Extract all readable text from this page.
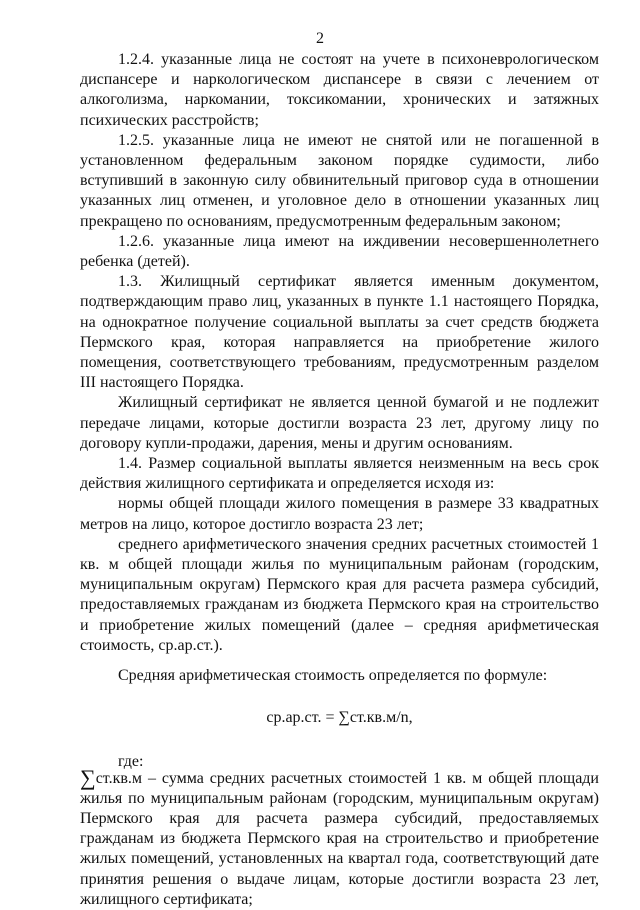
2

1.2.4. указанные лица не состоят на учете в психоневрологическом диспансере и наркологическом диспансере в связи с лечением от алкоголизма, наркомании, токсикомании, хронических и затяжных психических расстройств;

1.2.5. указанные лица не имеют не снятой или не погашенной в установленном федеральным законом порядке судимости, либо вступивший в законную силу обвинительный приговор суда в отношении указанных лиц отменен, и уголовное дело в отношении указанных лиц прекращено по основаниям, предусмотренным федеральным законом;

1.2.6. указанные лица имеют на иждивении несовершеннолетнего ребенка (детей).

1.3. Жилищный сертификат является именным документом, подтверждающим право лиц, указанных в пункте 1.1 настоящего Порядка, на однократное получение социальной выплаты за счет средств бюджета Пермского края, которая направляется на приобретение жилого помещения, соответствующего требованиям, предусмотренным разделом III настоящего Порядка.

Жилищный сертификат не является ценной бумагой и не подлежит передаче лицами, которые достигли возраста 23 лет, другому лицу по договору купли-продажи, дарения, мены и другим основаниям.

1.4. Размер социальной выплаты является неизменным на весь срок действия жилищного сертификата и определяется исходя из:

нормы общей площади жилого помещения в размере 33 квадратных метров на лицо, которое достигло возраста 23 лет;

среднего арифметического значения средних расчетных стоимостей 1 кв. м общей площади жилья по муниципальным районам (городским, муниципальным округам) Пермского края для расчета размера субсидий, предоставляемых гражданам из бюджета Пермского края на строительство и приобретение жилых помещений (далее – средняя арифметическая стоимость, ср.ар.ст.).

Средняя арифметическая стоимость определяется по формуле:

ср.ар.ст. = ∑ст.кв.м/n,

где:

∑ст.кв.м – сумма средних расчетных стоимостей 1 кв. м общей площади жилья по муниципальным районам (городским, муниципальным округам) Пермского края для расчета размера субсидий, предоставляемых гражданам из бюджета Пермского края на строительство и приобретение жилых помещений, установленных на квартал года, соответствующий дате принятия решения о выдаче лицам, которые достигли возраста 23 лет, жилищного сертификата;
